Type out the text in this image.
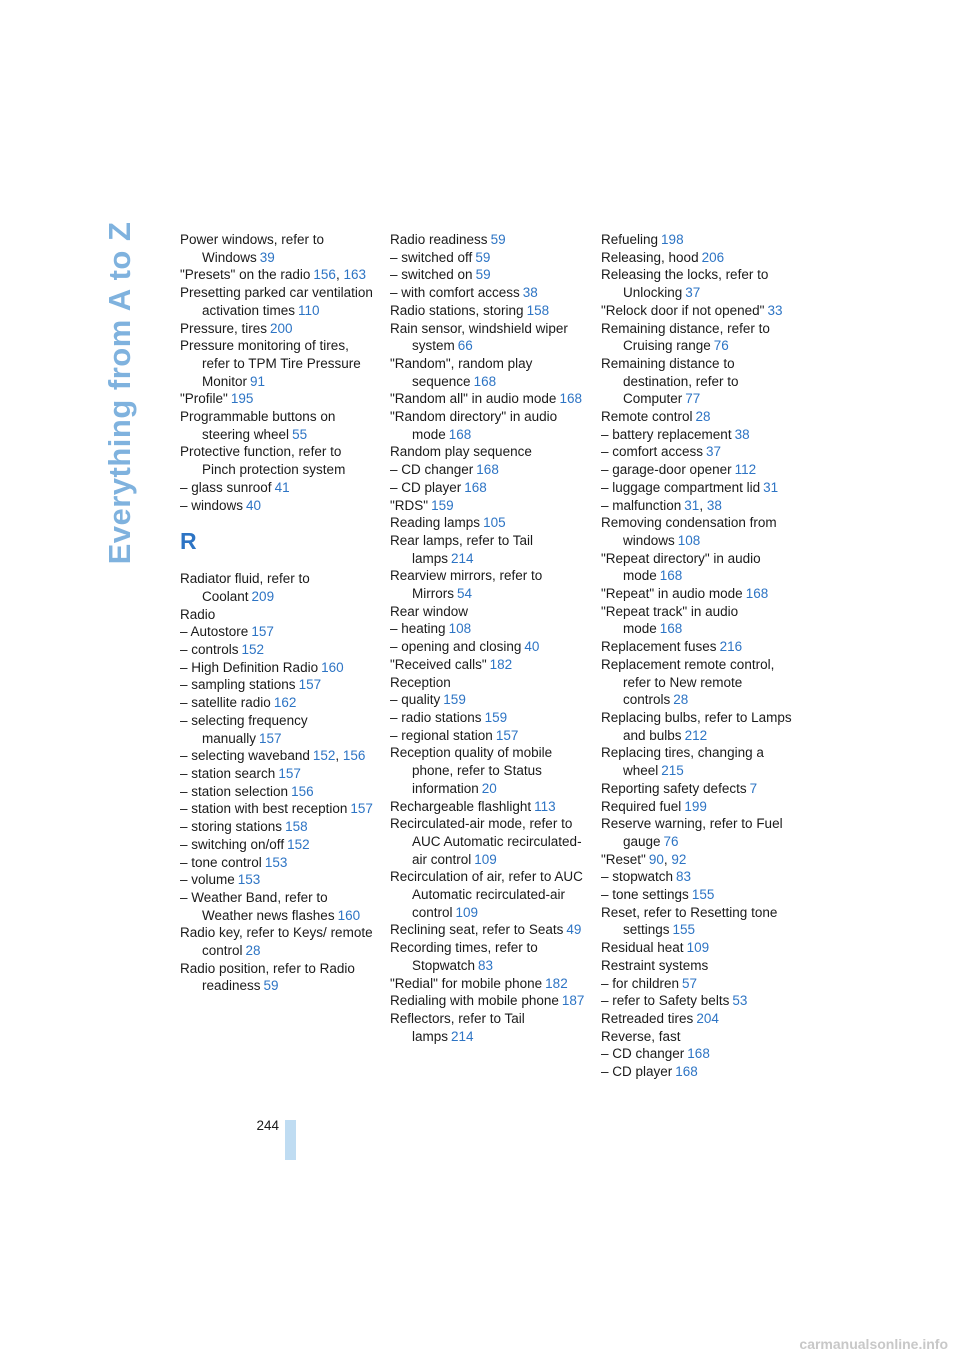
Everything from A to Z	Power windows, refer to Windows 39
"Presets" on the radio 156, 163
Presetting parked car ventilation activation times 110
Pressure, tires 200
Pressure monitoring of tires, refer to TPM Tire Pressure Monitor 91
"Profile" 195
Programmable buttons on steering wheel 55
Protective function, refer to Pinch protection system
– glass sunroof 41
– windows 40
R
Radiator fluid, refer to Coolant 209
Radio
– Autostore 157
– controls 152
– High Definition Radio 160
– sampling stations 157
– satellite radio 162
– selecting frequency manually 157
– selecting waveband 152, 156
– station search 157
– station selection 156
– station with best reception 157
– storing stations 158
– switching on/off 152
– tone control 153
– volume 153
– Weather Band, refer to Weather news flashes 160
Radio key, refer to Keys/ remote control 28
Radio position, refer to Radio readiness 59
Radio readiness 59
– switched off 59
– switched on 59
– with comfort access 38
Radio stations, storing 158
Rain sensor, windshield wiper system 66
"Random", random play sequence 168
"Random all" in audio mode 168
"Random directory" in audio mode 168
Random play sequence
– CD changer 168
– CD player 168
"RDS" 159
Reading lamps 105
Rear lamps, refer to Tail lamps 214
Rearview mirrors, refer to Mirrors 54
Rear window
– heating 108
– opening and closing 40
"Received calls" 182
Reception
– quality 159
– radio stations 159
– regional station 157
Reception quality of mobile phone, refer to Status information 20
Rechargeable flashlight 113
Recirculated-air mode, refer to AUC Automatic recirculated-air control 109
Recirculation of air, refer to AUC Automatic recirculated-air control 109
Reclining seat, refer to Seats 49
Recording times, refer to Stopwatch 83
"Redial" for mobile phone 182
Redialing with mobile phone 187
Reflectors, refer to Tail lamps 214
Refueling 198
Releasing, hood 206
Releasing the locks, refer to Unlocking 37
"Relock door if not opened" 33
Remaining distance, refer to Cruising range 76
Remaining distance to destination, refer to Computer 77
Remote control 28
– battery replacement 38
– comfort access 37
– garage-door opener 112
– luggage compartment lid 31
– malfunction 31, 38
Removing condensation from windows 108
"Repeat directory" in audio mode 168
"Repeat" in audio mode 168
"Repeat track" in audio mode 168
Replacement fuses 216
Replacement remote control, refer to New remote controls 28
Replacing bulbs, refer to Lamps and bulbs 212
Replacing tires, changing a wheel 215
Reporting safety defects 7
Required fuel 199
Reserve warning, refer to Fuel gauge 76
"Reset" 90, 92
– stopwatch 83
– tone settings 155
Reset, refer to Resetting tone settings 155
Residual heat 109
Restraint systems
– for children 57
– refer to Safety belts 53
Retreaded tires 204
Reverse, fast
– CD changer 168
– CD player 168
244
carmanualsonline.info
